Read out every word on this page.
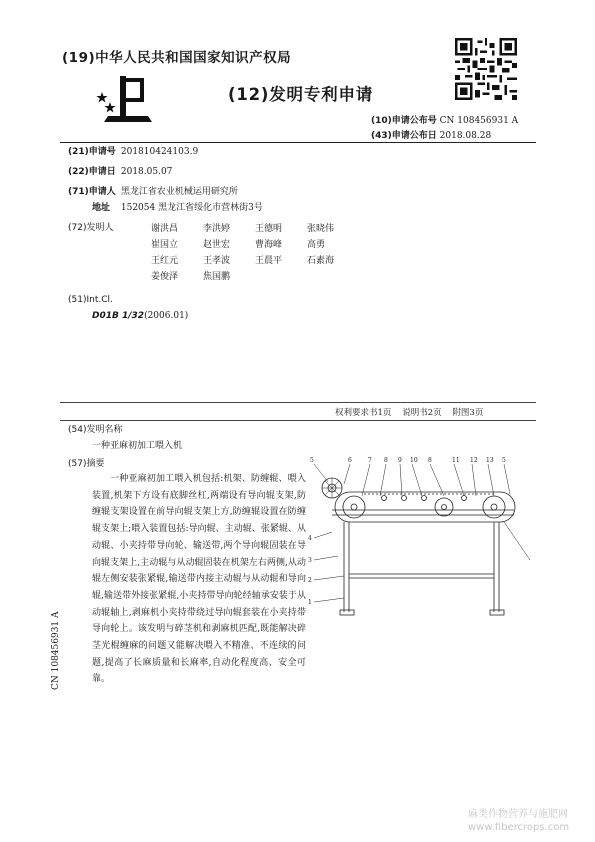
(19)中华人民共和国国家知识产权局
(12)发明专利申请
(10)申请公布号 CN 108456931 A
(43)申请公布日 2018.08.28
(21)申请号 201810424103.9
(22)申请日 2018.05.07
(71)申请人 黑龙江省农业机械运用研究所
地址 152054 黑龙江省绥化市营林街3号
(72)发明人	谢洪昌	李洪婷	王德明	张晓伟
崔国立	赵世宏	曹海峰	高勇
王红元	王孝波	王晨平	石素海
姜俊泽	焦国鹏
(51)Int.Cl.
D01B 1/32(2006.01)
权利要求书1页    说明书2页    附图3页
(54)发明名称
一种亚麻初加工喂入机
(57)摘要
一种亚麻初加工喂入机包括:机架、防缠辊、喂入装置,机架下方设有底脚丝杠,两端设有导向辊支架,防缠辊支架设置在前导向辊支架上方,防缠辊设置在防缠辊支架上;喂入装置包括:导向辊、主动辊、张紧辊、从动辊、小夹持带导向轮、输送带,两个导向辊固装在导向辊支架上,主动辊与从动辊固装在机架左右两侧,从动辊左侧安装张紧辊,输送带内接主动辊与从动辊和导向辊,输送带外接张紧辊,小夹持带导向轮经轴承安装于从动辊轴上,剥麻机小夹持带绕过导向辊套装在小夹持带导向轮上。该发明与碎茎机和剥麻机匹配,既能解决碎茎光棍缠麻的问题又能解决喂入不精准、不连续的问题,提高了长麻质量和长麻率,自动化程度高、安全可靠。
5	6	7 8 9 10 8	11 12 13 5
4
3
2
1
CN 108456931 A
麻类作物营养与施肥网
www.fibercrops.com
